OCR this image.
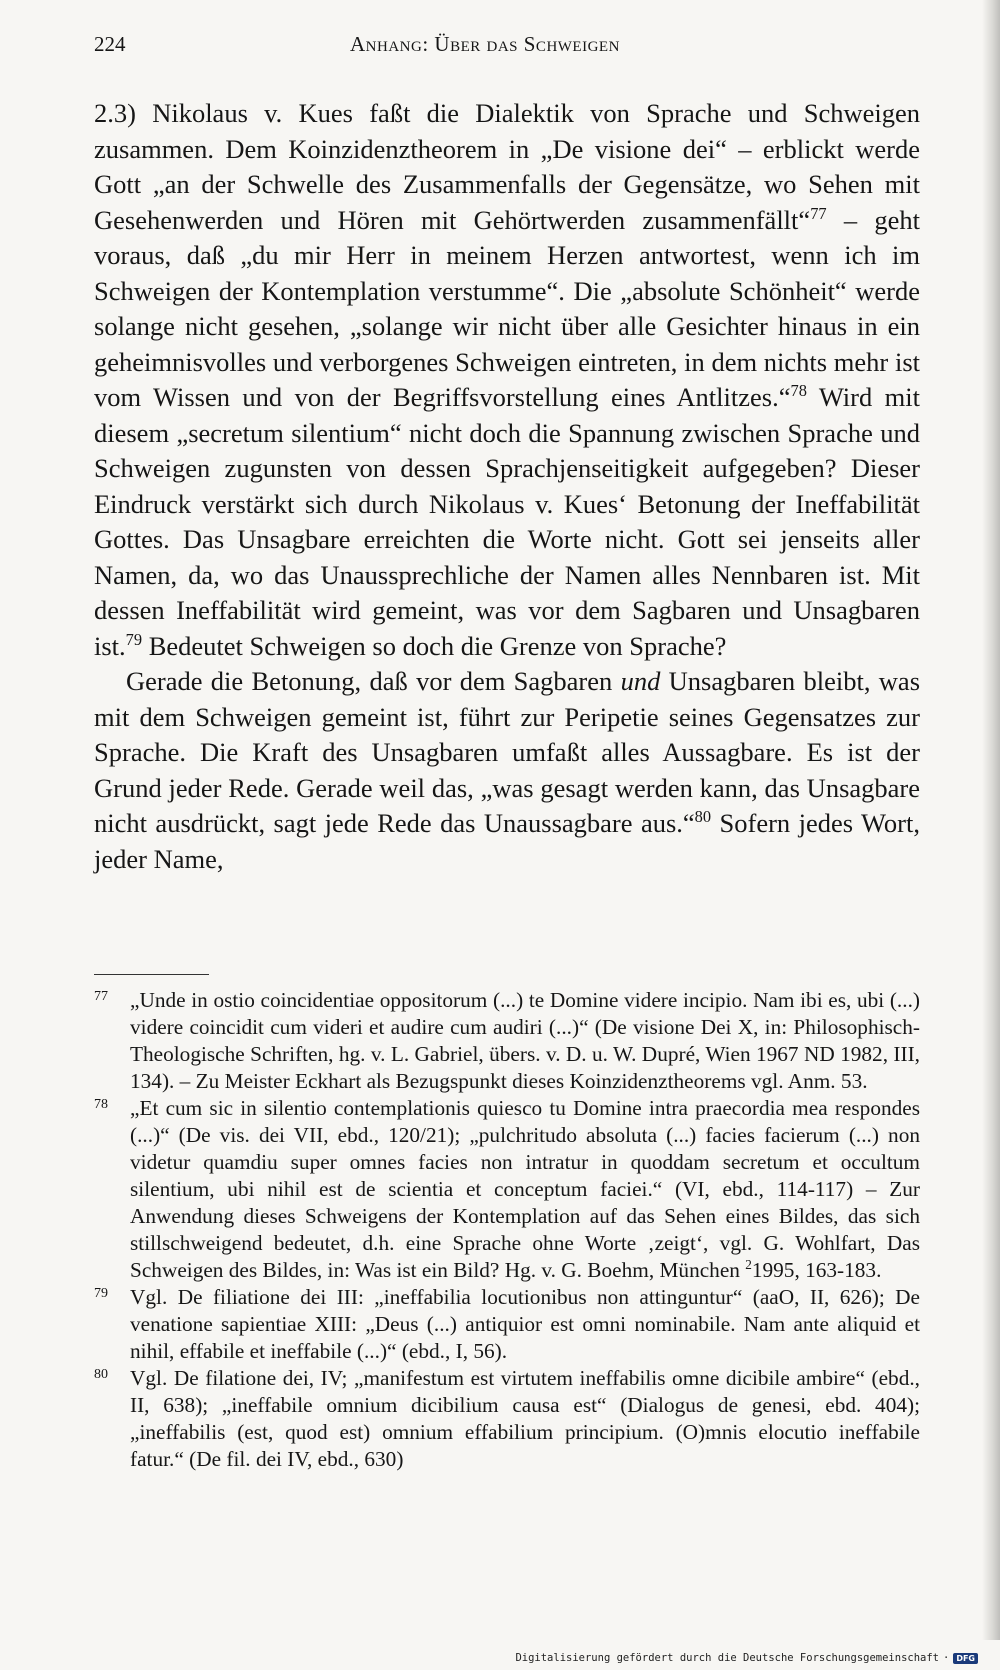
224	Anhang: Über das Schweigen

2.3) Nikolaus v. Kues faßt die Dialektik von Sprache und Schweigen zusammen. Dem Koinzidenztheorem in „De visione dei“ – erblickt werde Gott „an der Schwelle des Zusammenfalls der Gegensätze, wo Sehen mit Gesehenwerden und Hören mit Gehörtwerden zusammenfällt“$^{77}$ – geht voraus, daß „du mir Herr in meinem Herzen antwortest, wenn ich im Schweigen der Kontemplation verstumme“. Die „absolute Schönheit“ werde solange nicht gesehen, „solange wir nicht über alle Gesichter hinaus in ein geheimnisvolles und verborgenes Schweigen eintreten, in dem nichts mehr ist vom Wissen und von der Begriffsvorstellung eines Antlitzes.“$^{78}$ Wird mit diesem „secretum silentium“ nicht doch die Spannung zwischen Sprache und Schweigen zugunsten von dessen Sprachjenseitigkeit aufgegeben? Dieser Eindruck verstärkt sich durch Nikolaus v. Kues‘ Betonung der Ineffabilität Gottes. Das Unsagbare erreichten die Worte nicht. Gott sei jenseits aller Namen, da, wo das Unaussprechliche der Namen alles Nennbaren ist. Mit dessen Ineffabilität wird gemeint, was vor dem Sagbaren und Unsagbaren ist.$^{79}$ Bedeutet Schweigen so doch die Grenze von Sprache?

Gerade die Betonung, daß vor dem Sagbaren und Unsagbaren bleibt, was mit dem Schweigen gemeint ist, führt zur Peripetie seines Gegensatzes zur Sprache. Die Kraft des Unsagbaren umfaßt alles Aussagbare. Es ist der Grund jeder Rede. Gerade weil das, „was gesagt werden kann, das Unsagbare nicht ausdrückt, sagt jede Rede das Unaussagbare aus.“$^{80}$ Sofern jedes Wort, jeder Name,

77 „Unde in ostio coincidentiae oppositorum (...) te Domine videre incipio. Nam ibi es, ubi (...) videre coincidit cum videri et audire cum audiri (...)“ (De visione Dei X, in: Philosophisch-Theologische Schriften, hg. v. L. Gabriel, übers. v. D. u. W. Dupré, Wien 1967 ND 1982, III, 134). – Zu Meister Eckhart als Bezugspunkt dieses Koinzidenztheorems vgl. Anm. 53.
78 „Et cum sic in silentio contemplationis quiesco tu Domine intra praecordia mea respondes (...)“ (De vis. dei VII, ebd., 120/21); „pulchritudo absoluta (...) facies facierum (...) non videtur quamdiu super omnes facies non intratur in quoddam secretum et occultum silentium, ubi nihil est de scientia et conceptum faciei.“ (VI, ebd., 114-117) – Zur Anwendung dieses Schweigens der Kontemplation auf das Sehen eines Bildes, das sich stillschweigend bedeutet, d.h. eine Sprache ohne Worte ‚zeigt‘, vgl. G. Wohlfart, Das Schweigen des Bildes, in: Was ist ein Bild? Hg. v. G. Boehm, München $^2$1995, 163-183.
79 Vgl. De filiatione dei III: „ineffabilia locutionibus non attinguntur“ (aaO, II, 626); De venatione sapientiae XIII: „Deus (...) antiquior est omni nominabile. Nam ante aliquid et nihil, effabile et ineffabile (...)“ (ebd., I, 56).
80 Vgl. De filatione dei, IV; „manifestum est virtutem ineffabilis omne dicibile ambire“ (ebd., II, 638); „ineffabile omnium dicibilium causa est“ (Dialogus de genesi, ebd. 404); „ineffabilis (est, quod est) omnium effabilium principium. (O)mnis elocutio ineffabile fatur.“ (De fil. dei IV, ebd., 630)
Digitalisierung gefördert durch die Deutsche Forschungsgemeinschaft · DFG
